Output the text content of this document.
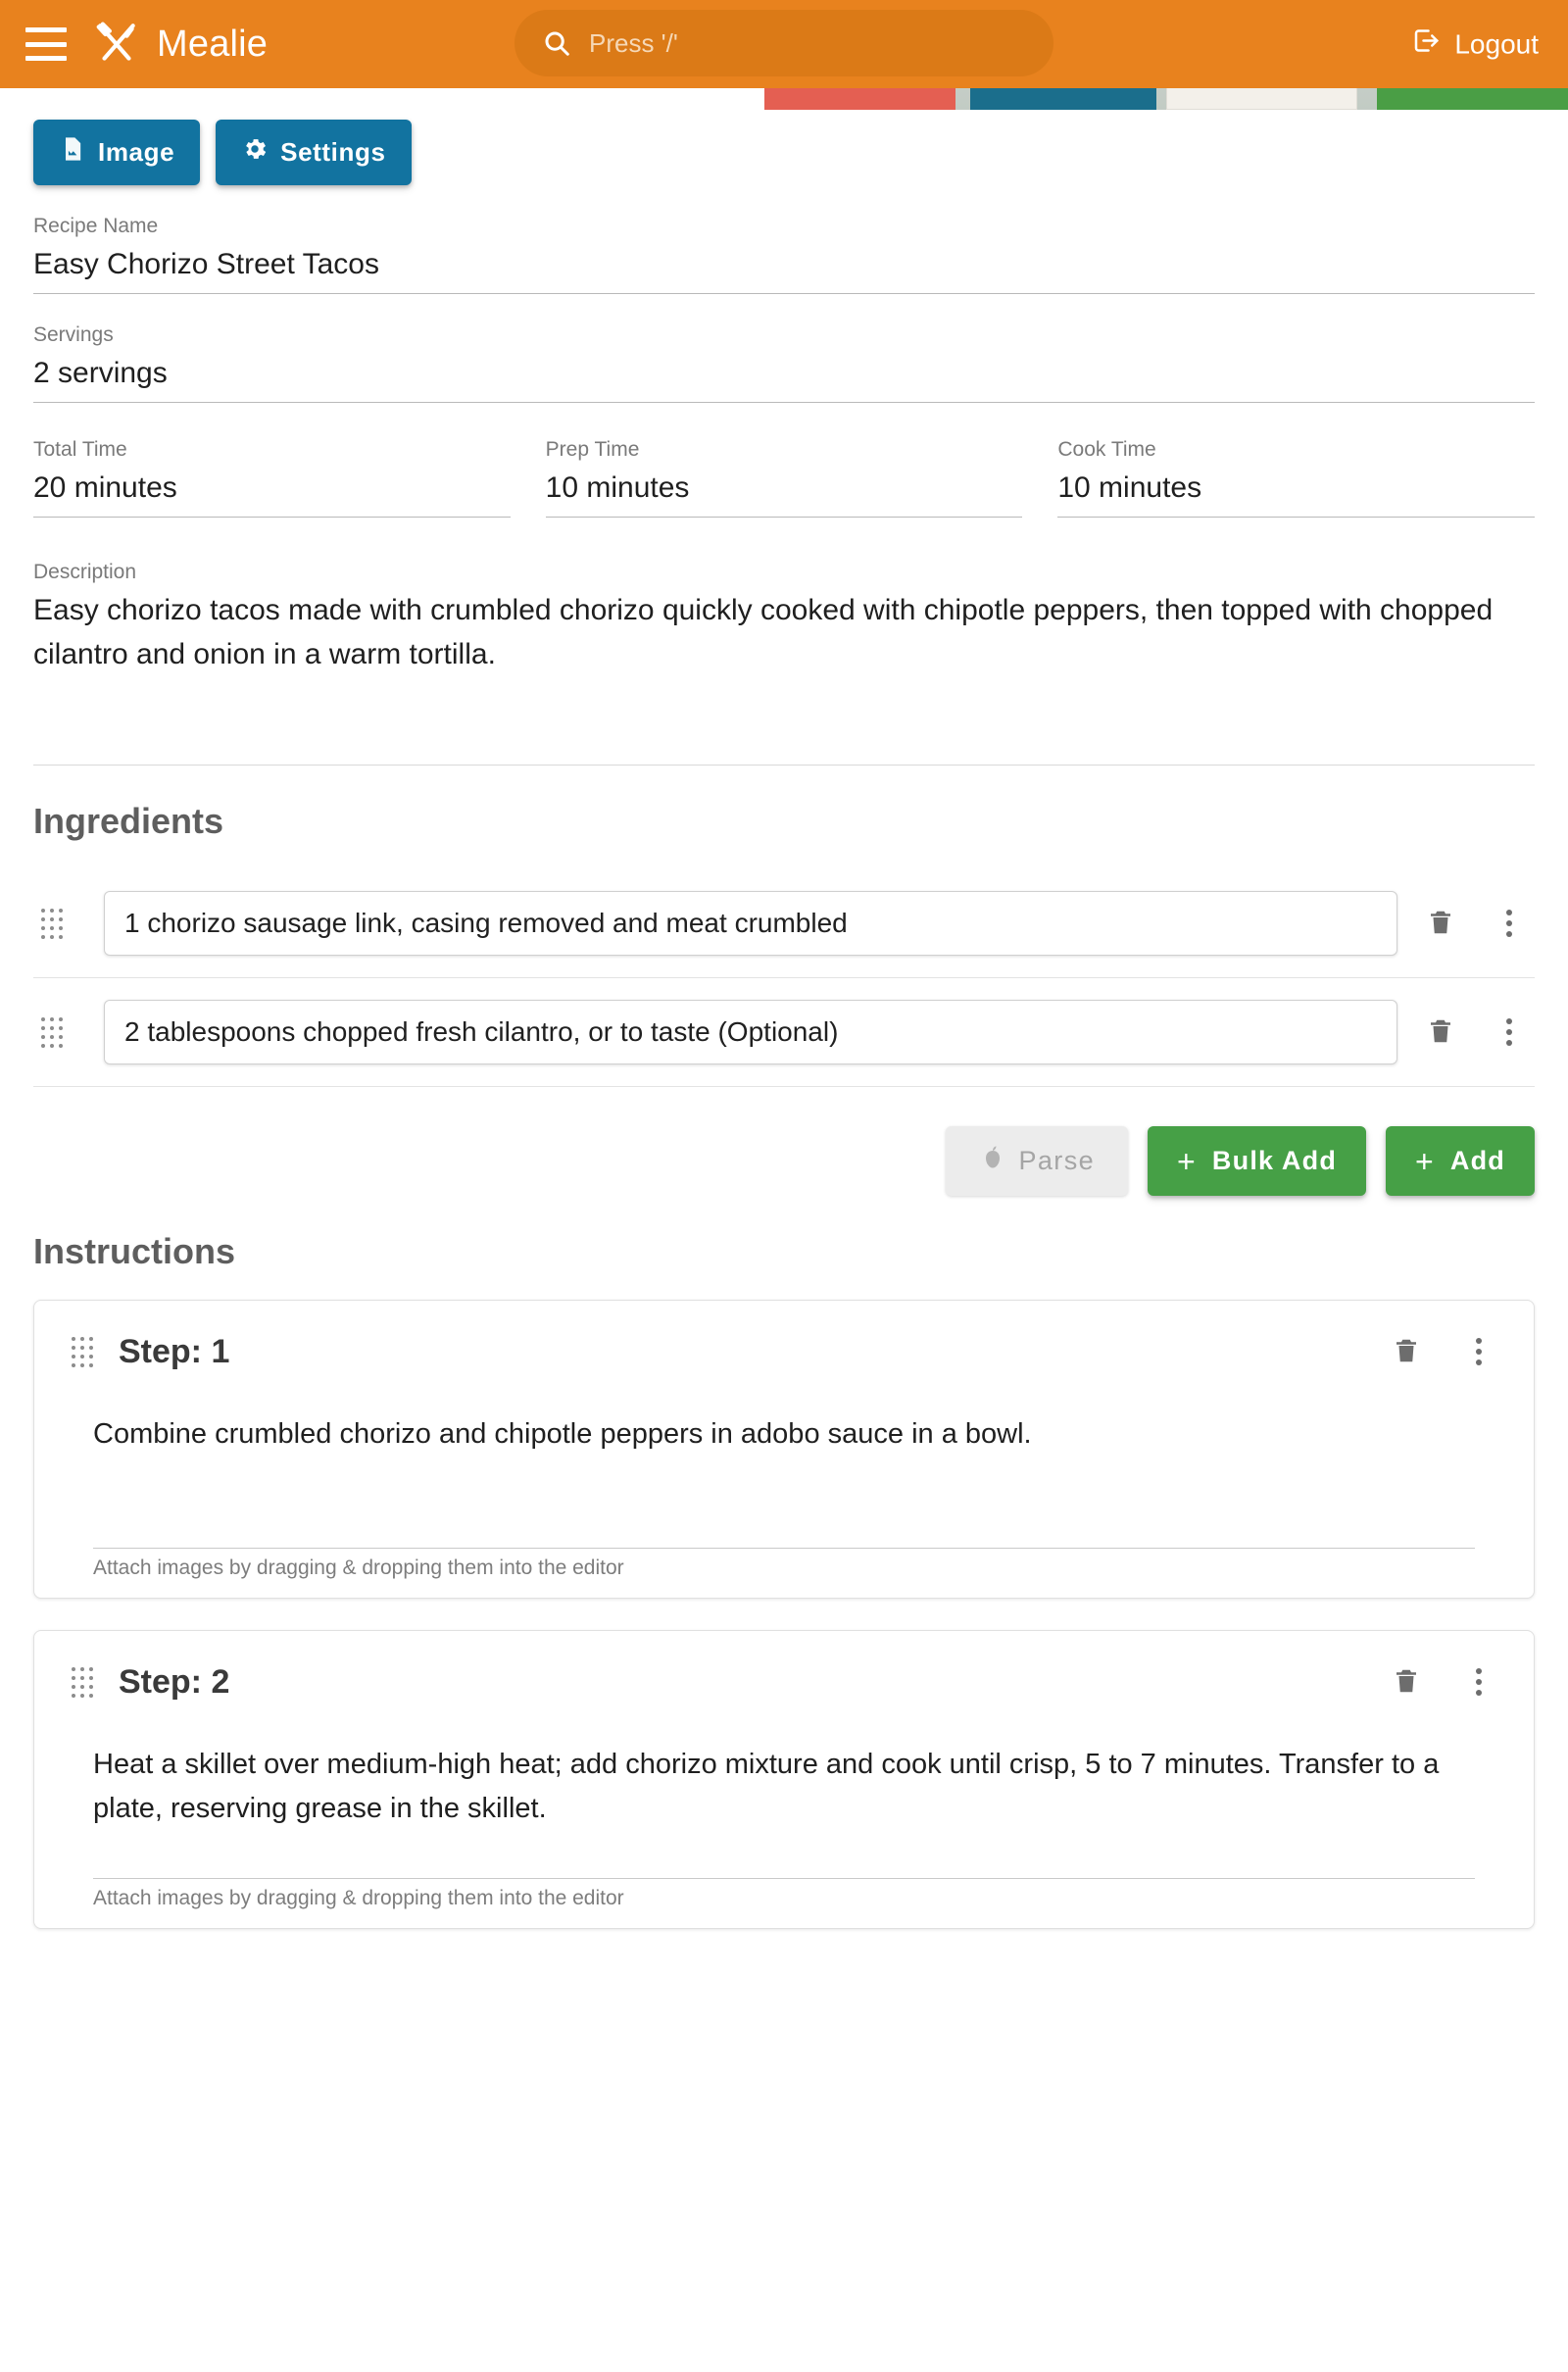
Mealie	Press '/'	Logout
Image	Settings
Recipe Name
Easy Chorizo Street Tacos
Servings
2 servings
Total Time
20 minutes
Prep Time
10 minutes
Cook Time
10 minutes
Description
Easy chorizo tacos made with crumbled chorizo quickly cooked with chipotle peppers, then topped with chopped cilantro and onion in a warm tortilla.
Ingredients
1 chorizo sausage link, casing removed and meat crumbled
2 tablespoons chopped fresh cilantro, or to taste (Optional)
Parse	+ Bulk Add	+ Add
Instructions
Step: 1
Combine crumbled chorizo and chipotle peppers in adobo sauce in a bowl.
Attach images by dragging & dropping them into the editor
Step: 2
Heat a skillet over medium-high heat; add chorizo mixture and cook until crisp, 5 to 7 minutes. Transfer to a plate, reserving grease in the skillet.
Attach images by dragging & dropping them into the editor
